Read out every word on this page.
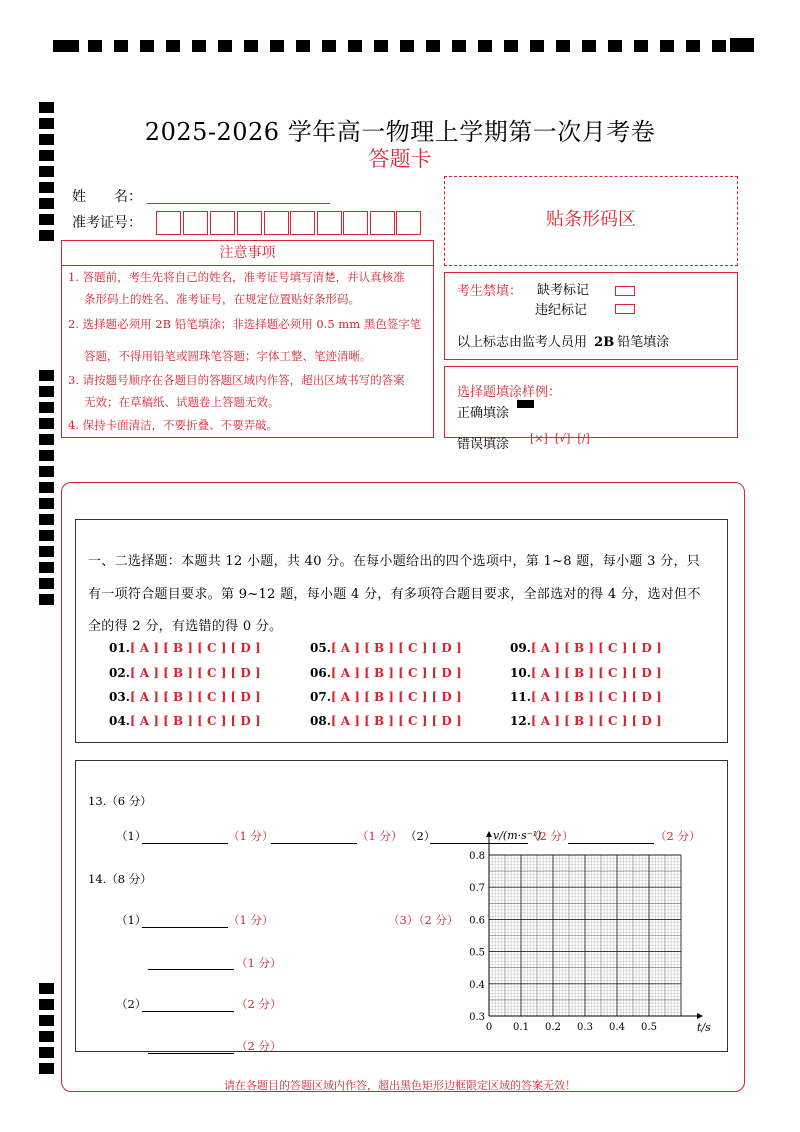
2025-2026 学年高一物理上学期第一次月考卷
答题卡
姓　　名：
准考证号：
注意事项
1. 答题前，考生先将自己的姓名，准考证号填写清楚，并认真核准
条形码上的姓名、准考证号，在规定位置贴好条形码。
2. 选择题必须用 2B 铅笔填涂；非选择题必须用 0.5 mm 黑色签字笔
答题，不得用铅笔或圆珠笔答题；字体工整、笔迹清晰。
3. 请按题号顺序在各题目的答题区域内作答，超出区域书写的答案
无效；在草稿纸、试题卷上答题无效。
4. 保持卡面清洁，不要折叠、不要弄破。
贴条形码区
考生禁填： 缺考标记
违纪标记
以上标志由监考人员用 2B 铅笔填涂
选择题填涂样例：
正确填涂
错误填涂 [×] [√] [/]
一、二选择题：本题共 12 小题，共 40 分。在每小题给出的四个选项中，第 1~8 题，每小题 3 分，只
有一项符合题目要求。第 9~12 题，每小题 4 分，有多项符合题目要求，全部选对的得 4 分，选对但不
全的得 2 分，有选错的得 0 分。
01.[ A ] [ B ] [ C ] [ D ]
02.[ A ] [ B ] [ C ] [ D ]
03.[ A ] [ B ] [ C ] [ D ]
04.[ A ] [ B ] [ C ] [ D ]
05.[ A ] [ B ] [ C ] [ D ]
06.[ A ] [ B ] [ C ] [ D ]
07.[ A ] [ B ] [ C ] [ D ]
08.[ A ] [ B ] [ C ] [ D ]
09.[ A ] [ B ] [ C ] [ D ]
10.[ A ] [ B ] [ C ] [ D ]
11.[ A ] [ B ] [ C ] [ D ]
12.[ A ] [ B ] [ C ] [ D ]
13.（6 分）
（1）	（1 分）	（1 分） （2）	（2 分）	（2 分）
14.（8 分）
（1）	（1 分）	（3）
（2 分）
（1 分）
（2）	（2 分）
（2 分）
0 0.1 0.2 0.3 0.4 0.5
0.3
0.4
0.5
0.6
0.7
0.8
t/s
v/(m·s⁻¹)
请在各题目的答题区域内作答，超出黑色矩形边框限定区域的答案无效！
